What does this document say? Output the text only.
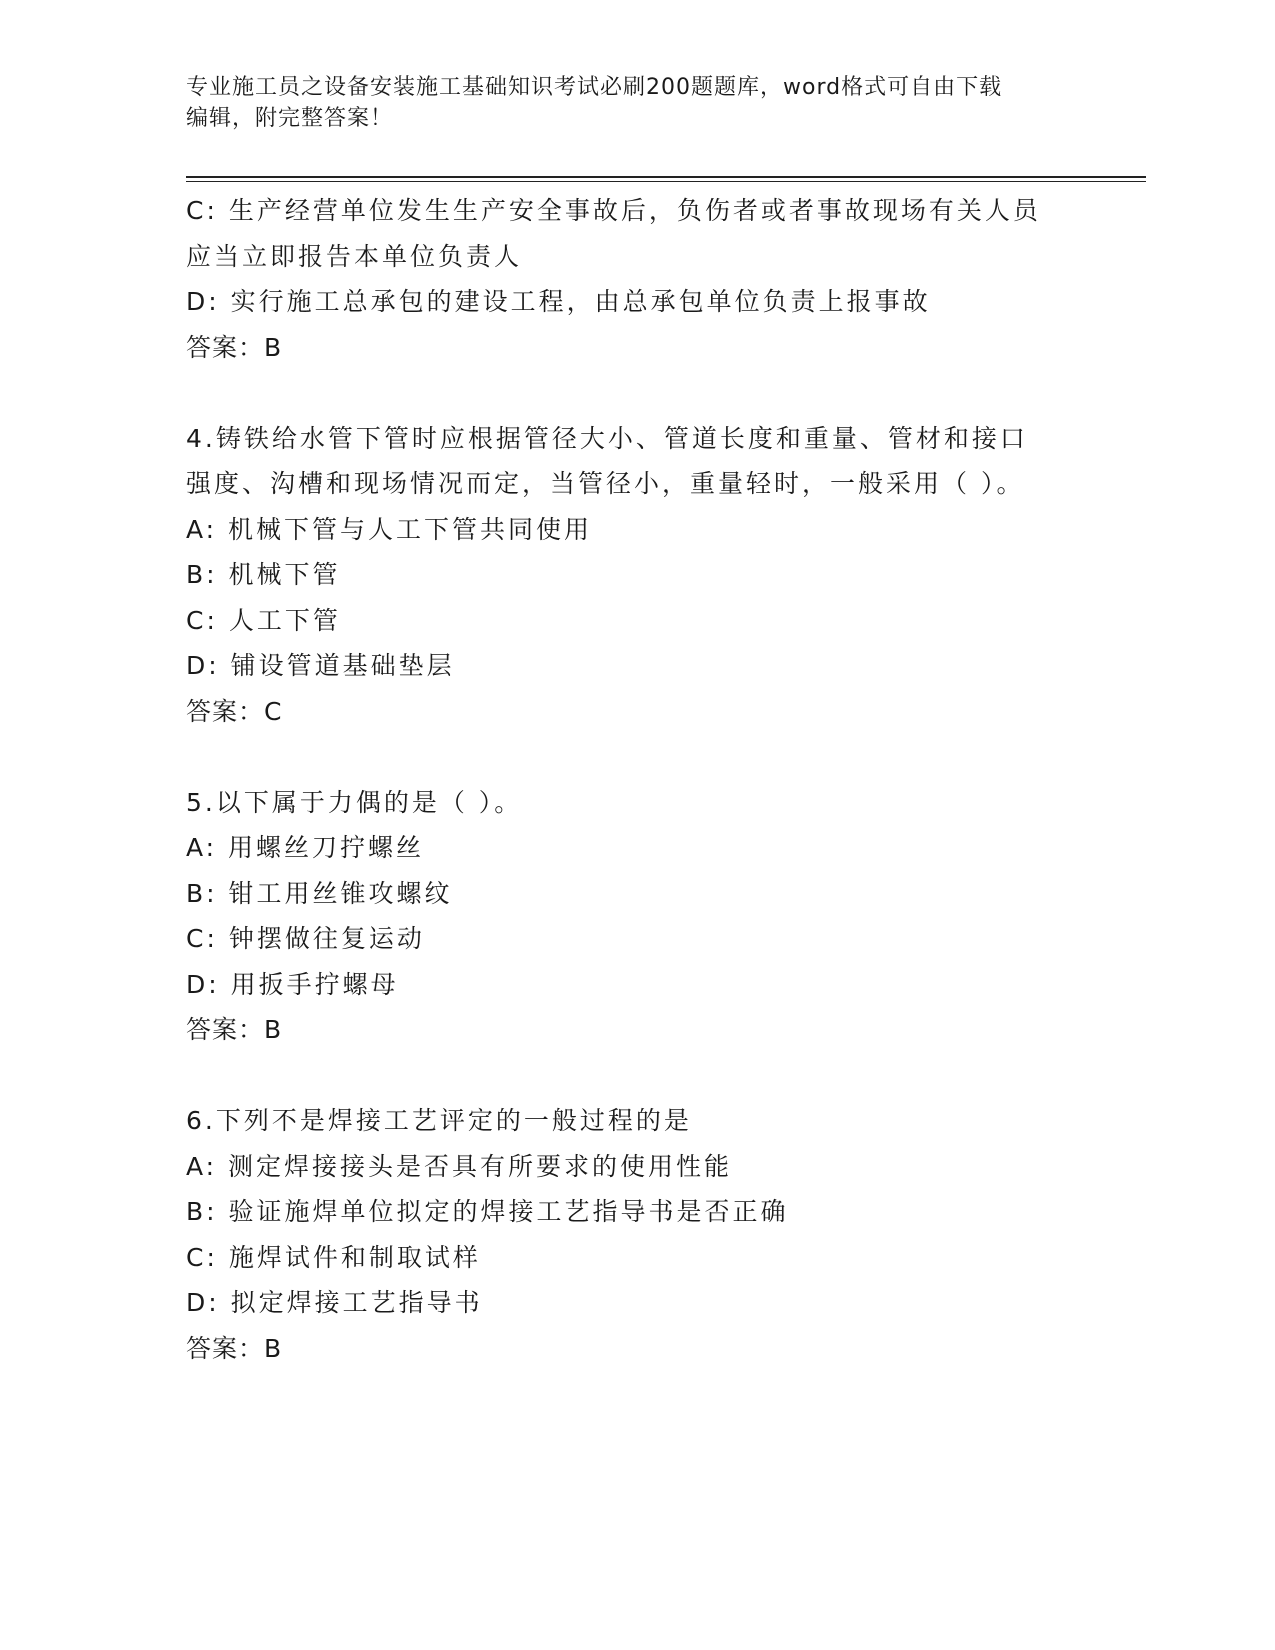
专业施工员之设备安装施工基础知识考试必刷200题题库，word格式可自由下载
编辑，附完整答案！
C: 生产经营单位发生生产安全事故后，负伤者或者事故现场有关人员
应当立即报告本单位负责人
D: 实行施工总承包的建设工程，由总承包单位负责上报事故
答案：B
4.铸铁给水管下管时应根据管径大小、管道长度和重量、管材和接口
强度、沟槽和现场情况而定，当管径小，重量轻时，一般采用（ ）。
A: 机械下管与人工下管共同使用
B: 机械下管
C: 人工下管
D: 铺设管道基础垫层
答案：C
5.以下属于力偶的是（ ）。
A: 用螺丝刀拧螺丝
B: 钳工用丝锥攻螺纹
C: 钟摆做往复运动
D: 用扳手拧螺母
答案：B
6.下列不是焊接工艺评定的一般过程的是
A: 测定焊接接头是否具有所要求的使用性能
B: 验证施焊单位拟定的焊接工艺指导书是否正确
C: 施焊试件和制取试样
D: 拟定焊接工艺指导书
答案：B
